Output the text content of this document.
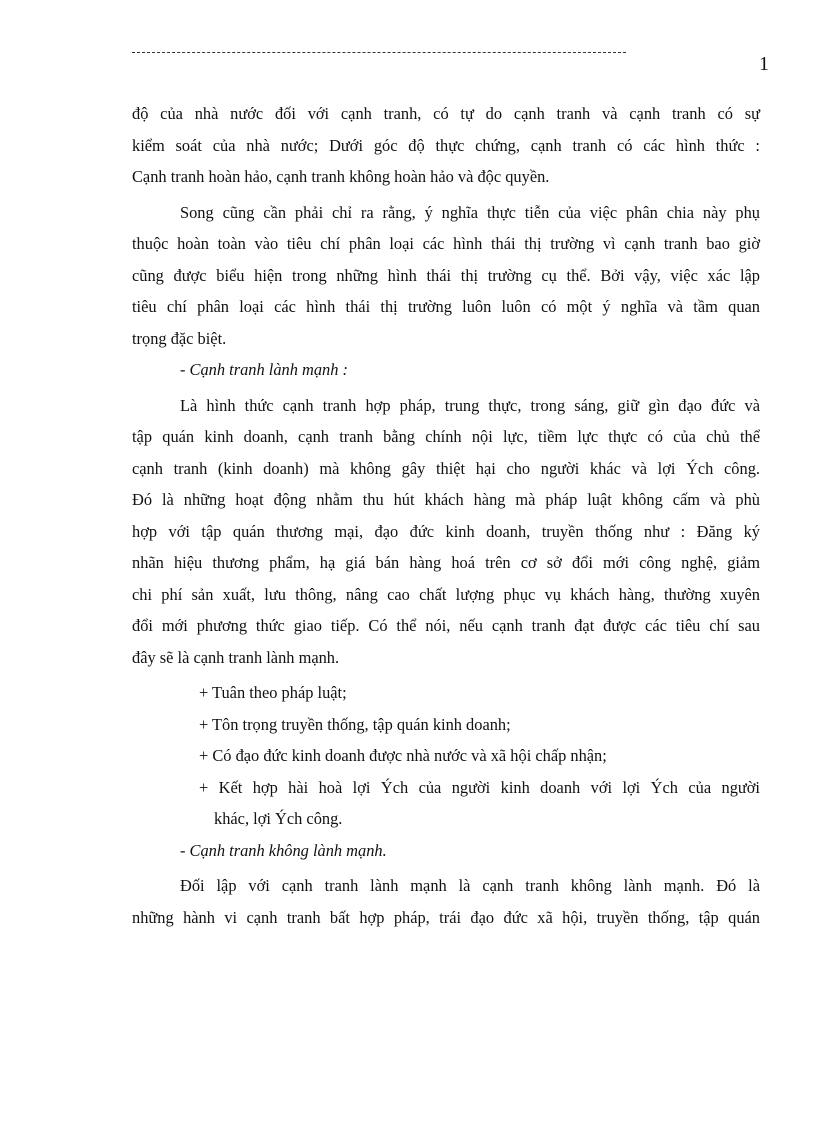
1
độ của nhà nước đối với cạnh tranh, có tự do cạnh tranh và cạnh tranh có sự
kiểm soát của nhà nước; Dưới góc độ thực chứng, cạnh tranh có các hình thức :
Cạnh tranh hoàn hảo, cạnh tranh không hoàn hảo và độc quyền.
Song cũng cần phải chỉ ra rằng, ý nghĩa thực tiễn của việc phân chia này phụ
thuộc hoàn toàn vào tiêu chí phân loại các hình thái thị trường vì cạnh tranh bao giờ
cũng được biểu hiện trong những hình thái thị trường cụ thể. Bởi vậy, việc xác lập
tiêu chí phân loại các hình thái thị trường luôn luôn có một ý nghĩa và tầm quan
trọng đặc biệt.
- Cạnh tranh lành mạnh :
Là hình thức cạnh tranh hợp pháp, trung thực, trong sáng, giữ gìn đạo đức và
tập quán kinh doanh, cạnh tranh bằng chính nội lực, tiềm lực thực có của chủ thể
cạnh tranh (kinh doanh) mà không gây thiệt hại cho người khác và lợi Ých công.
Đó là những hoạt động nhằm thu hút khách hàng mà pháp luật không cấm và phù
hợp với tập quán thương mại, đạo đức kinh doanh, truyền thống như : Đăng ký
nhãn hiệu thương phẩm, hạ giá bán hàng hoá trên cơ sở đổi mới công nghệ, giảm
chi phí sản xuất, lưu thông, nâng cao chất lượng phục vụ khách hàng, thường xuyên
đổi mới phương thức giao tiếp. Có thể nói, nếu cạnh tranh đạt được các tiêu chí sau
đây sẽ là cạnh tranh lành mạnh.
+ Tuân theo pháp luật;
+ Tôn trọng truyền thống, tập quán kinh doanh;
+ Có đạo đức kinh doanh được nhà nước và xã hội chấp nhận;
+ Kết hợp hài hoà lợi Ých của người kinh doanh với lợi Ých của người
khác, lợi Ých công.
- Cạnh tranh không lành mạnh.
Đối lập với cạnh tranh lành mạnh là cạnh tranh không lành mạnh. Đó là
những hành vi cạnh tranh bất hợp pháp, trái đạo đức xã hội, truyền thống, tập quán
